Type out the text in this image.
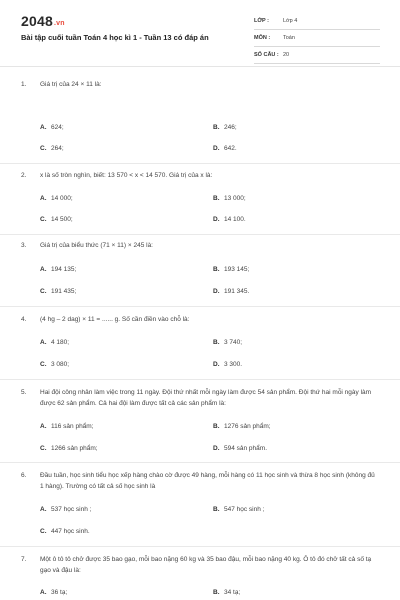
2048.vn
Bài tập cuối tuần Toán 4 học kì 1 - Tuần 13 có đáp án
LỚP :	Lớp 4
MÔN : Toán
SỐ CÂU : 20
1. Giá trị của 24 × 11 là:
A. 624;	B. 246;
C. 264;	D. 642.
2. x là số tròn nghìn, biết: 13 570 < x < 14 570. Giá trị của x là:
A. 14 000;	B. 13 000;
C. 14 500;	D. 14 100.
3. Giá trị của biểu thức (71 × 11) × 245 là:
A. 194 135;	B. 193 145;
C. 191 435;	D. 191 345.
4. (4 hg – 2 dag) × 11 = ...... g. Số cần điền vào chỗ là:
A. 4 180;	B. 3 740;
C. 3 080;	D. 3 300.
5. Hai đội công nhân làm việc trong 11 ngày. Đội thứ nhất mỗi ngày làm được 54 sản phẩm. Đội thứ hai mỗi ngày làm được 62 sản phẩm. Cả hai đội làm được tất cả các sản phẩm là:
A. 116 sản phẩm;	B. 1276 sản phẩm;
C. 1266 sản phẩm;	D. 594 sản phẩm.
6. Đầu tuần, học sinh tiểu học xếp hàng chào cờ được 49 hàng, mỗi hàng có 11 học sinh và thừa 8 học sinh (không đủ 1 hàng). Trường có tất cả số học sinh là
A. 537 học sinh ;	B. 547 học sinh ;
C. 447 học sinh.
7. Một ô tô tô chở được 35 bao gạo, mỗi bao nặng 60 kg và 35 bao đậu, mỗi bao nặng 40 kg. Ô tô đó chở tất cả số tạ gạo và đậu là:
A. 36 tạ;	B. 34 tạ;
